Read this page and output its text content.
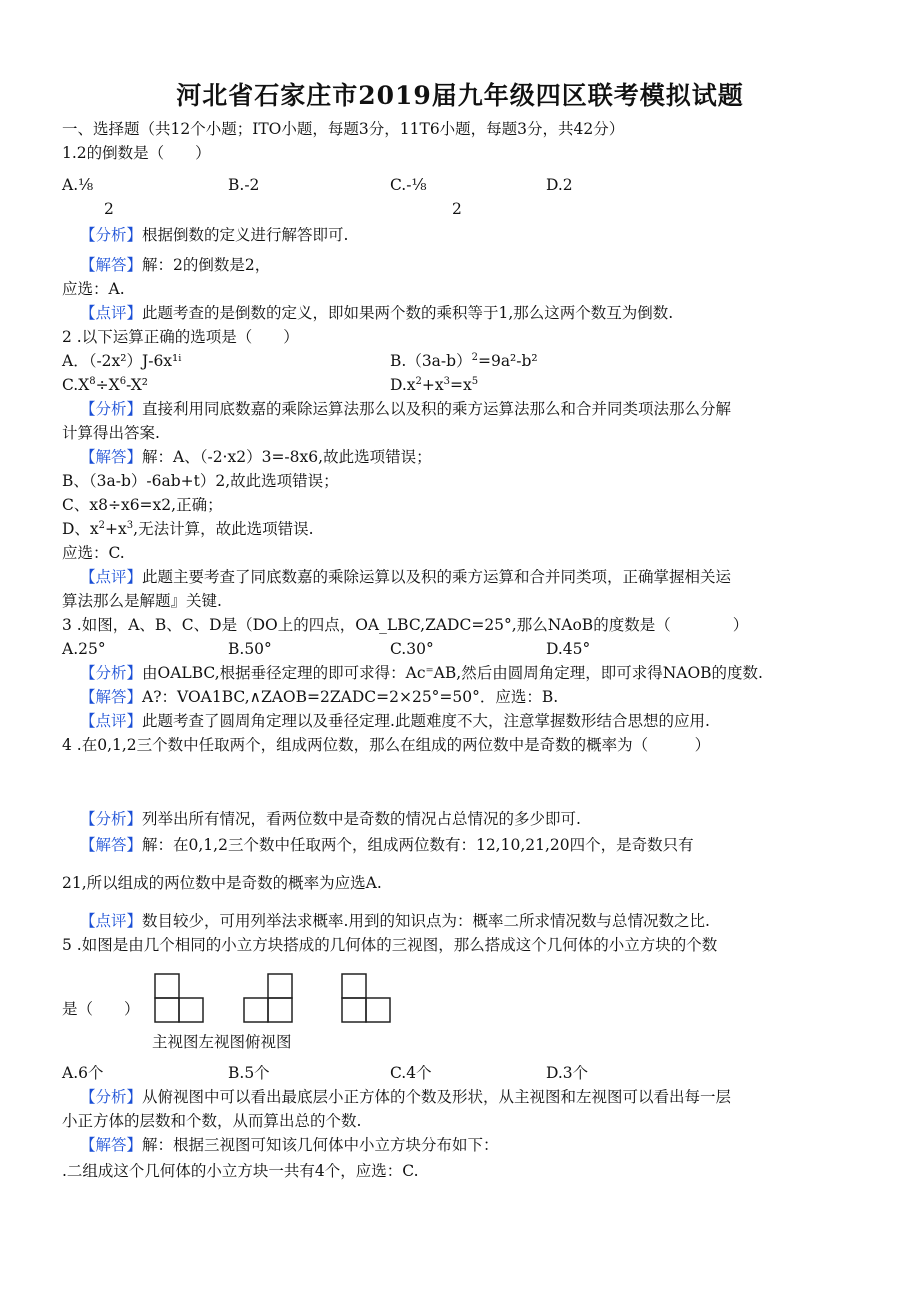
河北省石家庄市2019届九年级四区联考模拟试题
一、选择题（共12个小题；ITO小题，每题3分，11T6小题，每题3分，共42分）
1.2的倒数是（　　）
A.⅛	B.-2	C.-⅛	D.2
2	2
【分析】根据倒数的定义进行解答即可.
【解答】解：2的倒数是2，
应选：A.
【点评】此题考查的是倒数的定义，即如果两个数的乘积等于1,那么这两个数互为倒数.
2 .以下运算正确的选项是（　　）
A．（-2x²）J-6x¹ⁱ	$B.(3a-b)^2=9a^2-b^2$
$C.X^8\div X^6-X^2$	$D.x^2+x^3=x^5$
【分析】直接利用同底数嘉的乘除运算法那么以及积的乘方运算法那么和合并同类项法那么分解
计算得出答案.
【解答】解：A、（-2·x2）3=-8x6,故此选项错误；
B、（3a-b）-6ab+t）2,故此选项错误；
C、x8÷x6=x2,正确；
D、$x^2+x^3$,无法计算，故此选项错误.
应选：C.
【点评】此题主要考查了同底数嘉的乘除运算以及积的乘方运算和合并同类项，正确掌握相关运
算法那么是解题』关键.
3 .如图，A、B、C、D是（DO上的四点，OA_LBC,ZADC=25°,那么NAoB的度数是（　　　　）
A.25°	B.50°	C.30°	D.45°
【分析】由OALBC,根据垂径定理的即可求得：Ac⁼AB,然后由圆周角定理，即可求得NAOB的度数.
【解答】A?：VOA1BC,∧ZAOB=2ZADC=2×25°=50°．应选：B.
【点评】此题考查了圆周角定理以及垂径定理.此题难度不大，注意掌握数形结合思想的应用.
4 .在0,1,2三个数中任取两个，组成两位数，那么在组成的两位数中是奇数的概率为（　　　）
【分析】列举出所有情况，看两位数中是奇数的情况占总情况的多少即可.
【解答】解：在0,1,2三个数中任取两个，组成两位数有：12,10,21,20四个，是奇数只有
21,所以组成的两位数中是奇数的概率为应选A.
【点评】数目较少，可用列举法求概率.用到的知识点为：概率二所求情况数与总情况数之比.
5 .如图是由几个相同的小立方块搭成的几何体的三视图，那么搭成这个几何体的小立方块的个数
是（　　）
主视图左视图俯视图
A.6个	B.5个	C.4个	D.3个
【分析】从俯视图中可以看出最底层小正方体的个数及形状，从主视图和左视图可以看出每一层
小正方体的层数和个数，从而算出总的个数.
【解答】解：根据三视图可知该几何体中小立方块分布如下：
.二组成这个几何体的小立方块一共有4个，应选：C.
